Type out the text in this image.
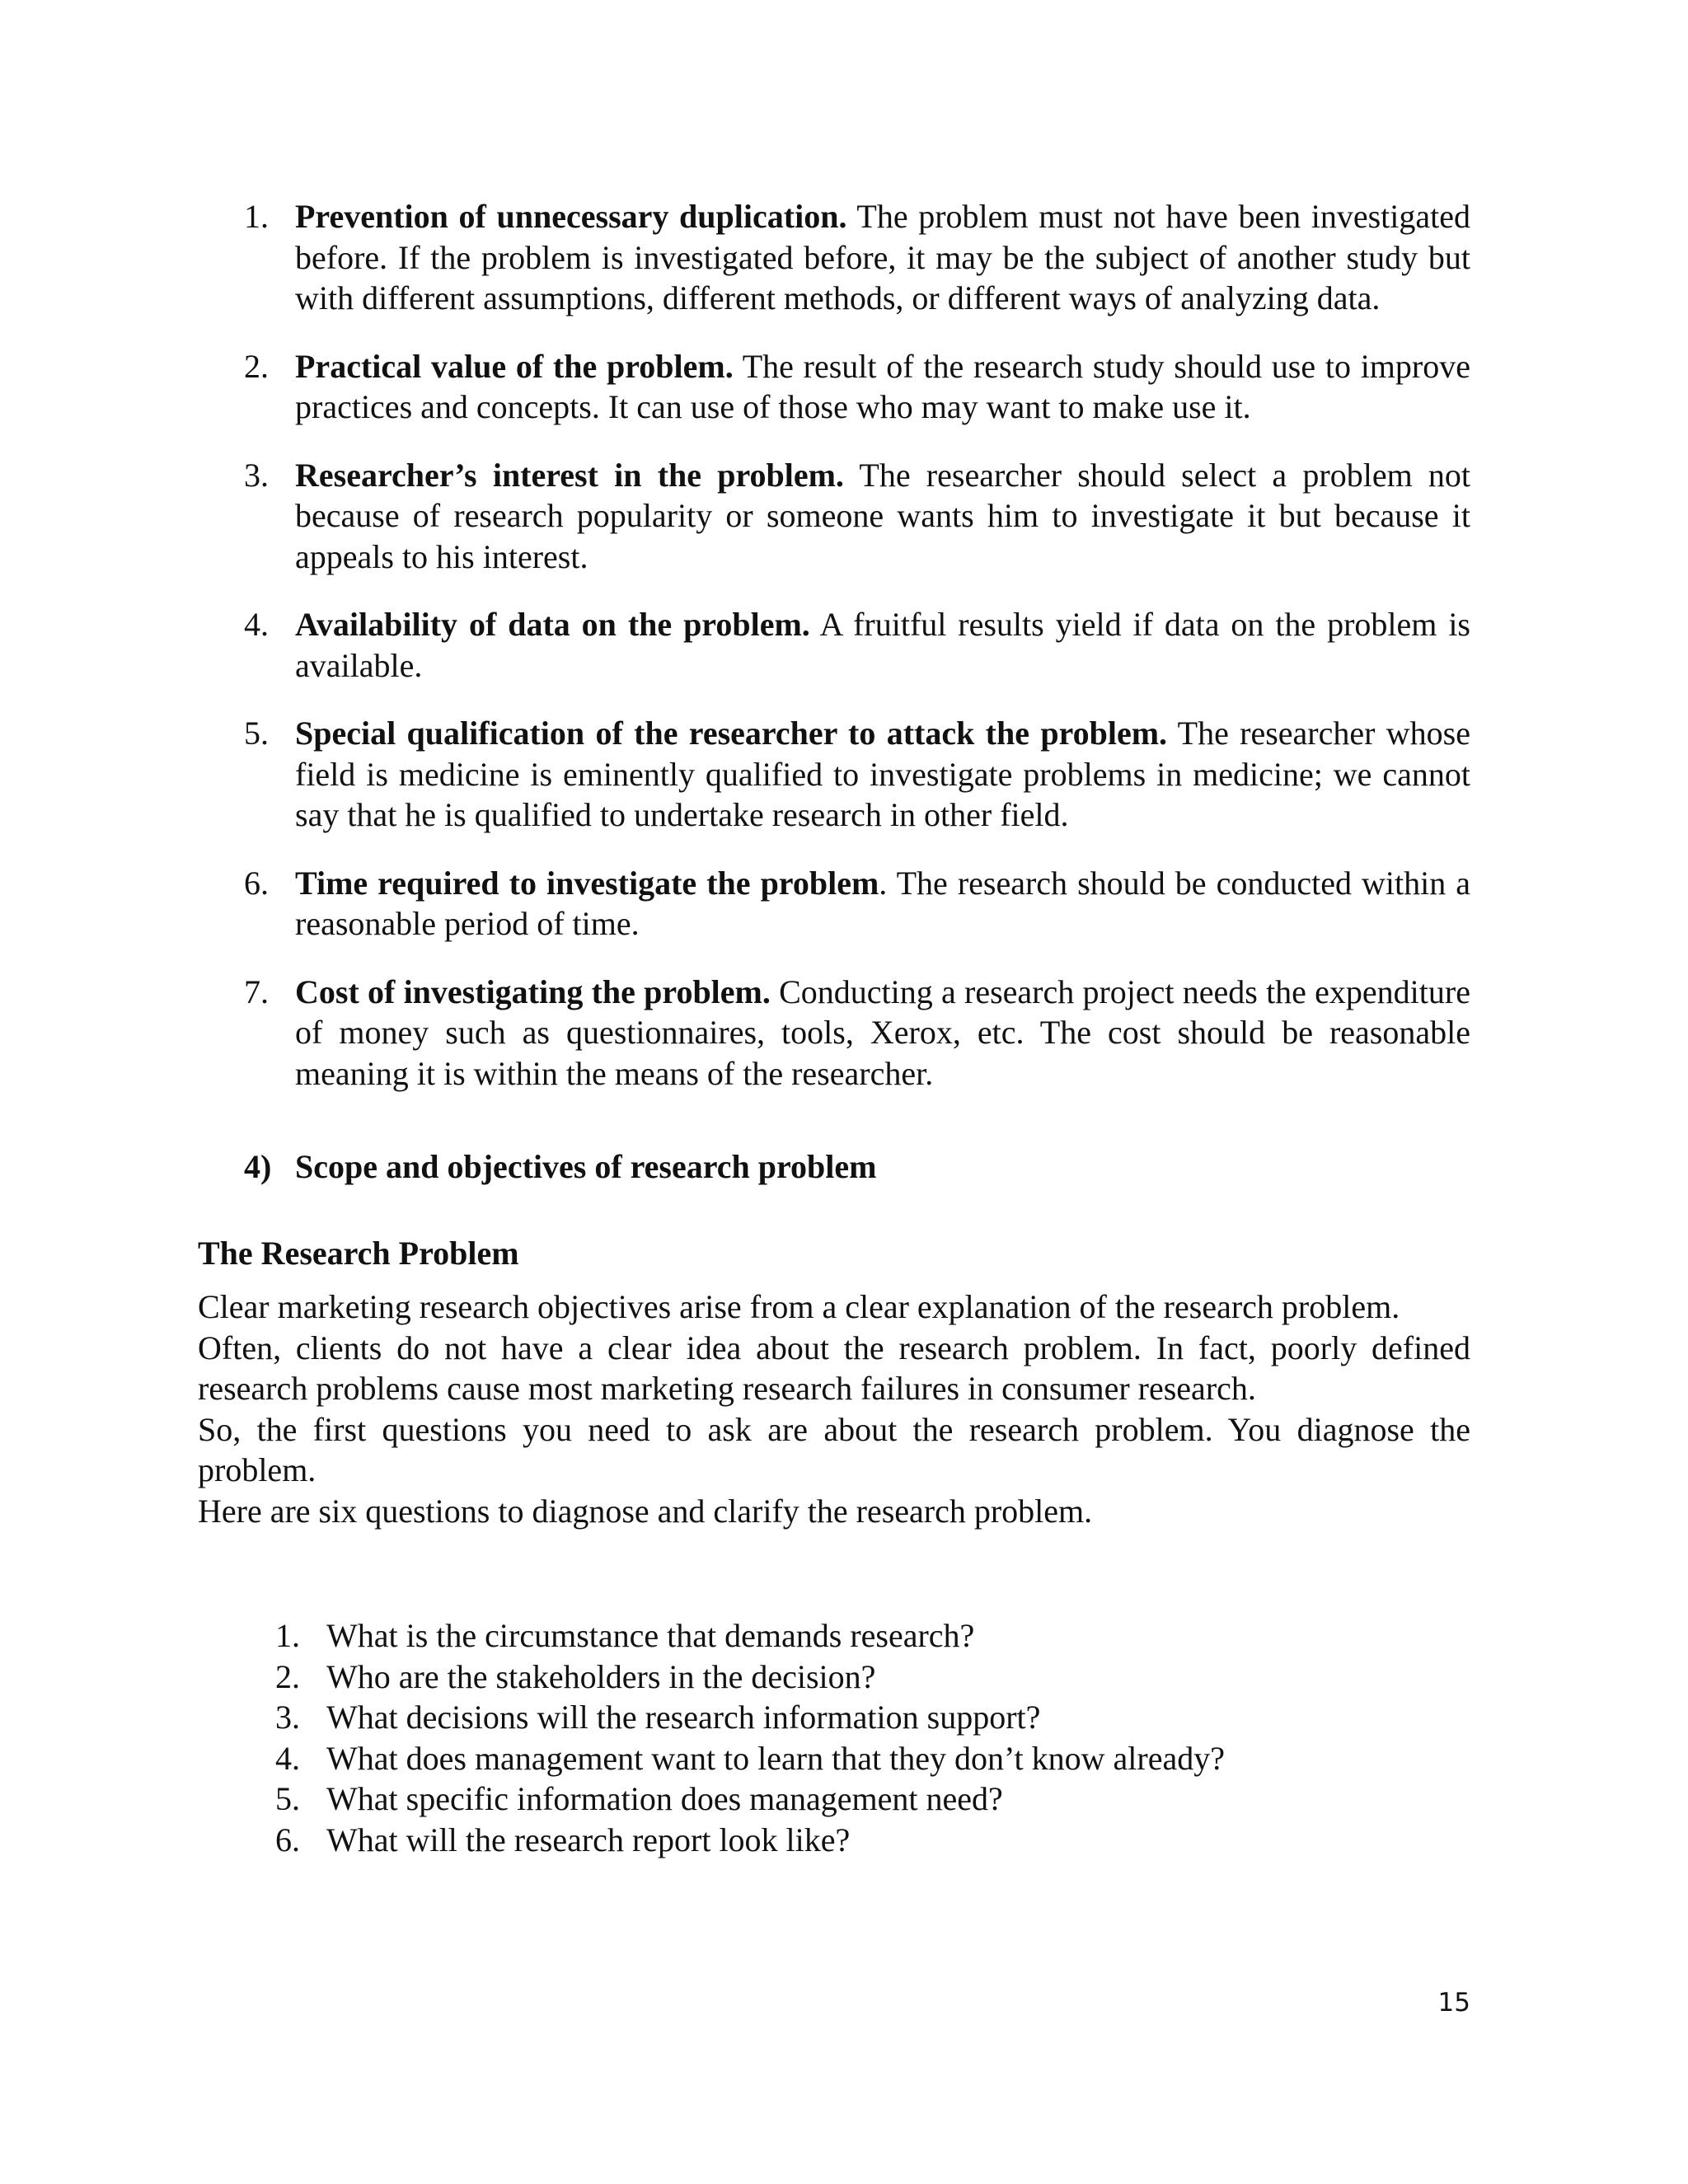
1. Prevention of unnecessary duplication. The problem must not have been investigated before. If the problem is investigated before, it may be the subject of another study but with different assumptions, different methods, or different ways of analyzing data.
2. Practical value of the problem. The result of the research study should use to improve practices and concepts. It can use of those who may want to make use it.
3. Researcher’s interest in the problem. The researcher should select a problem not because of research popularity or someone wants him to investigate it but because it appeals to his interest.
4. Availability of data on the problem. A fruitful results yield if data on the problem is available.
5. Special qualification of the researcher to attack the problem. The researcher whose field is medicine is eminently qualified to investigate problems in medicine; we cannot say that he is qualified to undertake research in other field.
6. Time required to investigate the problem. The research should be conducted within a reasonable period of time.
7. Cost of investigating the problem. Conducting a research project needs the expenditure of money such as questionnaires, tools, Xerox, etc. The cost should be reasonable meaning it is within the means of the researcher.
4) Scope and objectives of research problem
The Research Problem

Clear marketing research objectives arise from a clear explanation of the research problem.

Often, clients do not have a clear idea about the research problem. In fact, poorly defined research problems cause most marketing research failures in consumer research.

So, the first questions you need to ask are about the research problem. You diagnose the problem.

Here are six questions to diagnose and clarify the research problem.

1. What is the circumstance that demands research?
2. Who are the stakeholders in the decision?
3. What decisions will the research information support?
4. What does management want to learn that they don’t know already?
5. What specific information does management need?
6. What will the research report look like?
15
